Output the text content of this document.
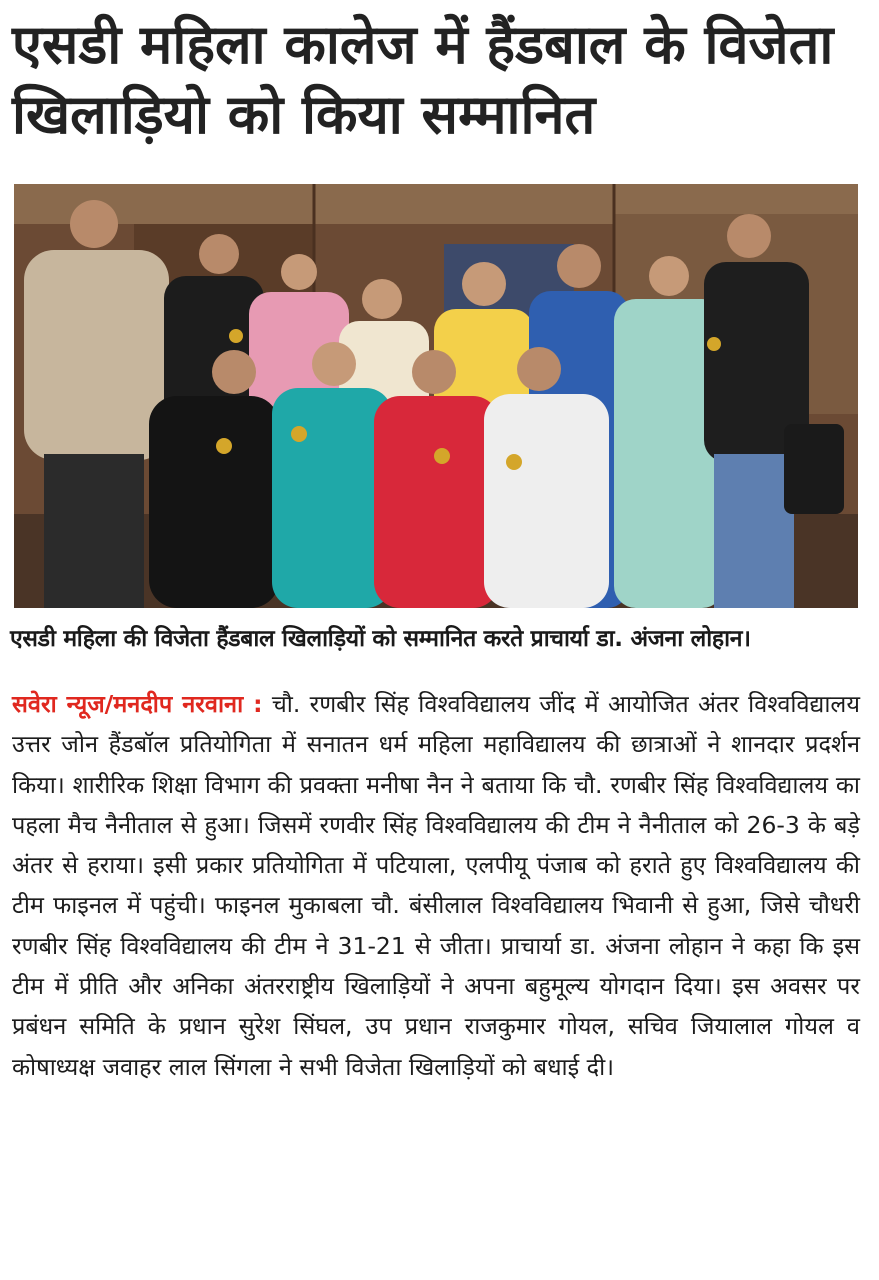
एसडी महिला कालेज में हैंडबाल के विजेता खिलाड़ियो को किया सम्मानित
एसडी महिला की विजेता हैंडबाल खिलाड़ियों को सम्मानित करते प्राचार्या डा. अंजना लोहान।

सवेरा न्यूज/मनदीप नरवाना : चौ. रणबीर सिंह विश्वविद्यालय जींद में आयोजित अंतर विश्वविद्यालय उत्तर जोन हैंडबॉल प्रतियोगिता में सनातन धर्म महिला महाविद्यालय की छात्राओं ने शानदार प्रदर्शन किया। शारीरिक शिक्षा विभाग की प्रवक्ता मनीषा नैन ने बताया कि चौ. रणबीर सिंह विश्वविद्यालय का पहला मैच नैनीताल से हुआ। जिसमें रणवीर सिंह विश्वविद्यालय की टीम ने नैनीताल को 26-3 के बड़े अंतर से हराया। इसी प्रकार प्रतियोगिता में पटियाला, एलपीयू पंजाब को हराते हुए विश्वविद्यालय की टीम फाइनल में पहुंची। फाइनल मुकाबला चौ. बंसीलाल विश्वविद्यालय भिवानी से हुआ, जिसे चौधरी रणबीर सिंह विश्वविद्यालय की टीम ने 31-21 से जीता। प्राचार्या डा. अंजना लोहान ने कहा कि इस टीम में प्रीति और अनिका अंतरराष्ट्रीय खिलाड़ियों ने अपना बहुमूल्य योगदान दिया। इस अवसर पर प्रबंधन समिति के प्रधान सुरेश सिंघल, उप प्रधान राजकुमार गोयल, सचिव जियालाल गोयल व कोषाध्यक्ष जवाहर लाल सिंगला ने सभी विजेता खिलाड़ियों को बधाई दी।
